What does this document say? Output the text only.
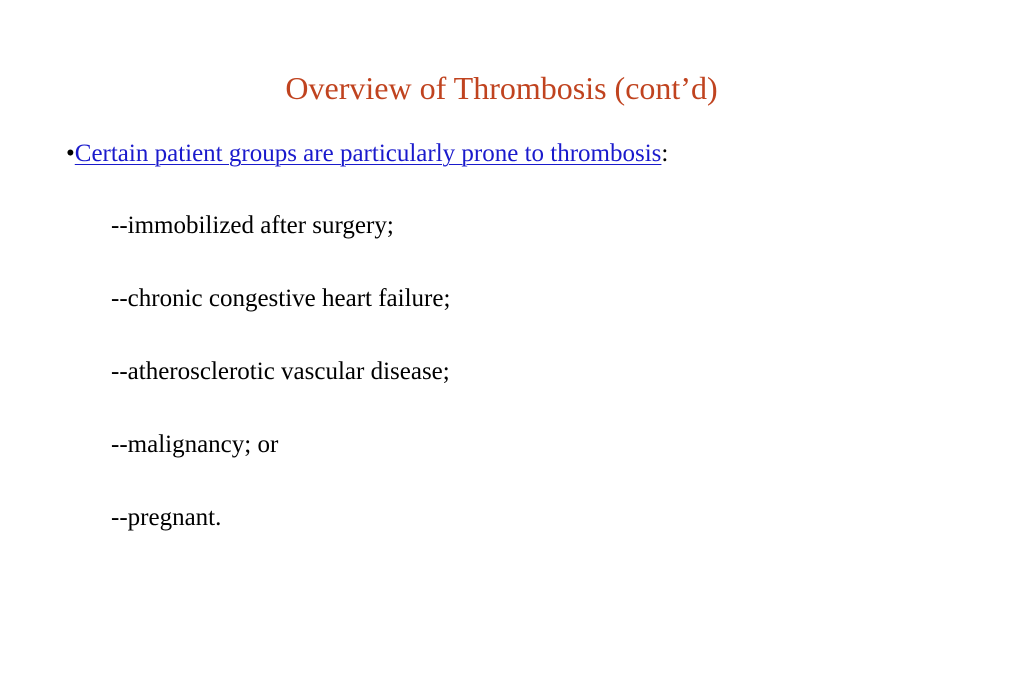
Overview of Thrombosis (cont’d)
•Certain patient groups are particularly prone to thrombosis:
--immobilized after surgery;
--chronic congestive heart failure;
--atherosclerotic vascular disease;
--malignancy; or
--pregnant.
